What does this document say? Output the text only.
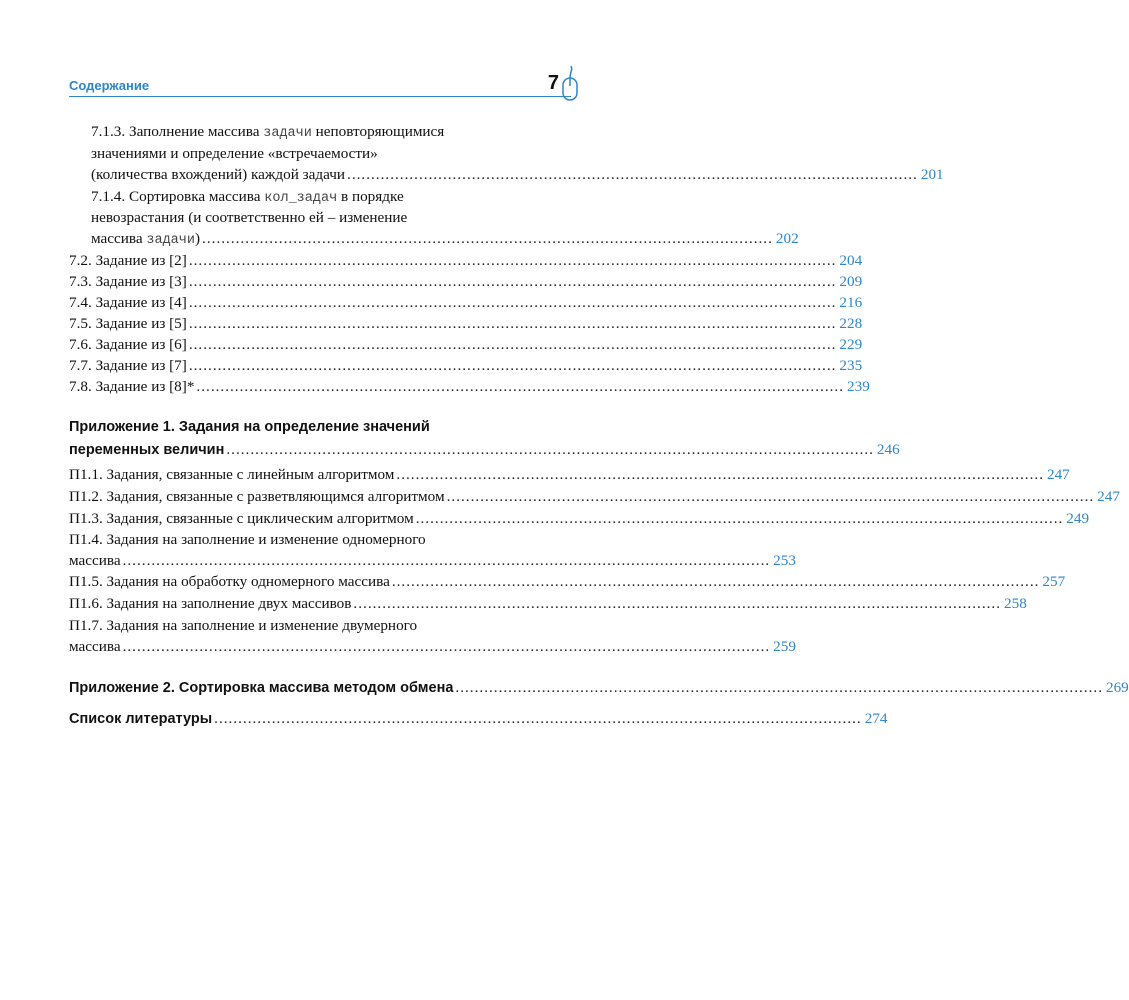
Содержание	7
7.1.3. Заполнение массива задачи неповторяющимися
значениями и определение «встречаемости»
(количества вхождений) каждой задачи ....................................................................................................................... 201
7.1.4. Сортировка массива кол_задач в порядке
невозрастания (и соответственно ей – изменение
массива задачи) ....................................................................................................................... 202
7.2. Задание из [2] ....................................................................................................................................... 204
7.3. Задание из [3] ....................................................................................................................................... 209
7.4. Задание из [4] ....................................................................................................................................... 216
7.5. Задание из [5] ....................................................................................................................................... 228
7.6. Задание из [6] ....................................................................................................................................... 229
7.7. Задание из [7] ....................................................................................................................................... 235
7.8. Задание из [8]* ....................................................................................................................................... 239
Приложение 1. Задания на определение значений
переменных величин ....................................................................................................................................... 246
П1.1. Задания, связанные с линейным алгоритмом ....................................................................................................................................... 247
П1.2. Задания, связанные с разветвляющимся алгоритмом ....................................................................................................................................... 247
П1.3. Задания, связанные с циклическим алгоритмом ....................................................................................................................................... 249
П1.4. Задания на заполнение и изменение одномерного
массива ....................................................................................................................................... 253
П1.5. Задания на обработку одномерного массива ....................................................................................................................................... 257
П1.6. Задания на заполнение двух массивов ....................................................................................................................................... 258
П1.7. Задания на заполнение и изменение двумерного
массива ....................................................................................................................................... 259
Приложение 2. Сортировка массива методом обмена ....................................................................................................................................... 269
Список литературы ....................................................................................................................................... 274
